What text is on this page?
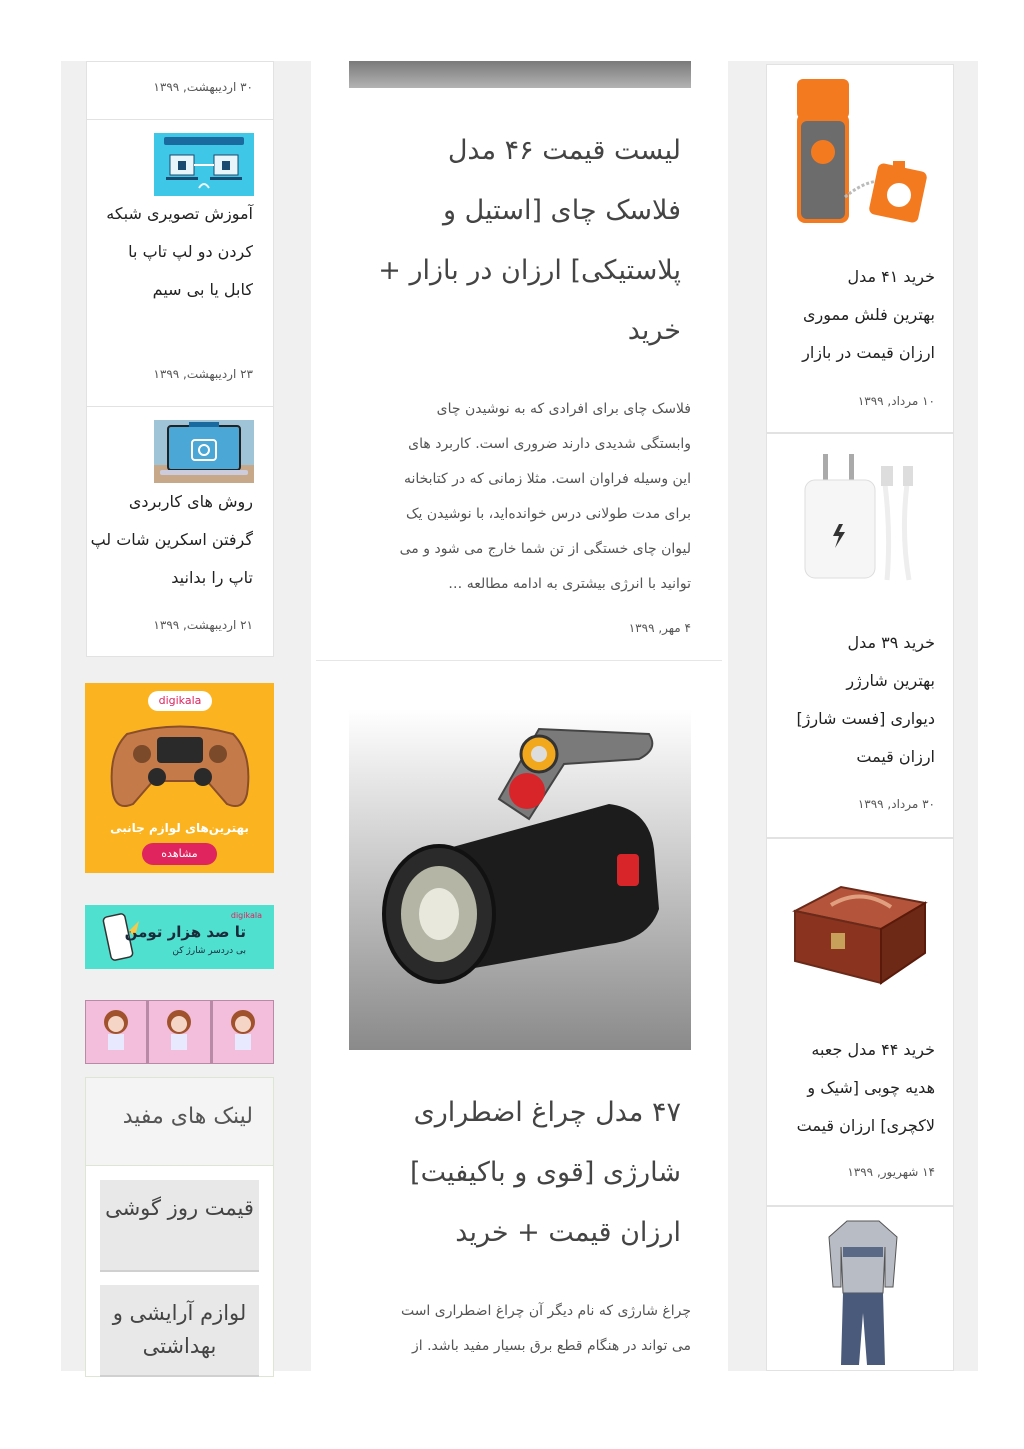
۳۰ اردیبهشت, ۱۳۹۹
آموزش تصویری شبکه کردن دو لپ تاپ با کابل یا بی سیم
۲۳ اردیبهشت, ۱۳۹۹
روش های کاربردی گرفتن اسکرین شات لپ تاپ را بدانید
۲۱ اردیبهشت, ۱۳۹۹
digikala
بهترین‌های لوازم جانبی
مشاهده
digikala
تا صد هزار تومن
بی دردسر شارژ کن
لینک های مفید
قیمت روز گوشی
لوازم آرایشی و بهداشتی
لیست قیمت ۴۶ مدل
فلاسک چای [استیل و
پلاستیکی] ارزان در بازار +
خرید
فلاسک چای برای افرادی که به نوشیدن چای
وابستگی شدیدی دارند ضروری است. کاربرد های
این وسیله فراوان است. مثلا زمانی که در کتابخانه
برای مدت طولانی درس خوانده‌اید، با نوشیدن یک
لیوان چای خستگی از تن شما خارج می شود و می
توانید با انرژی بیشتری به ادامه مطالعه …
۴ مهر, ۱۳۹۹
۴۷ مدل چراغ اضطراری
شارژی [قوی و باکیفیت]
ارزان قیمت + خرید
چراغ شارژی که نام دیگر آن چراغ اضطراری است
می تواند در هنگام قطع برق بسیار مفید باشد. از
خرید ۴۱ مدل
بهترین فلش مموری
ارزان قیمت در بازار
۱۰ مرداد, ۱۳۹۹
خرید ۳۹ مدل
بهترین شارژر
دیواری [فست شارژ]
ارزان قیمت
۳۰ مرداد, ۱۳۹۹
خرید ۴۴ مدل جعبه
هدیه چوبی [شیک و
لاکچری] ارزان قیمت
۱۴ شهریور, ۱۳۹۹
